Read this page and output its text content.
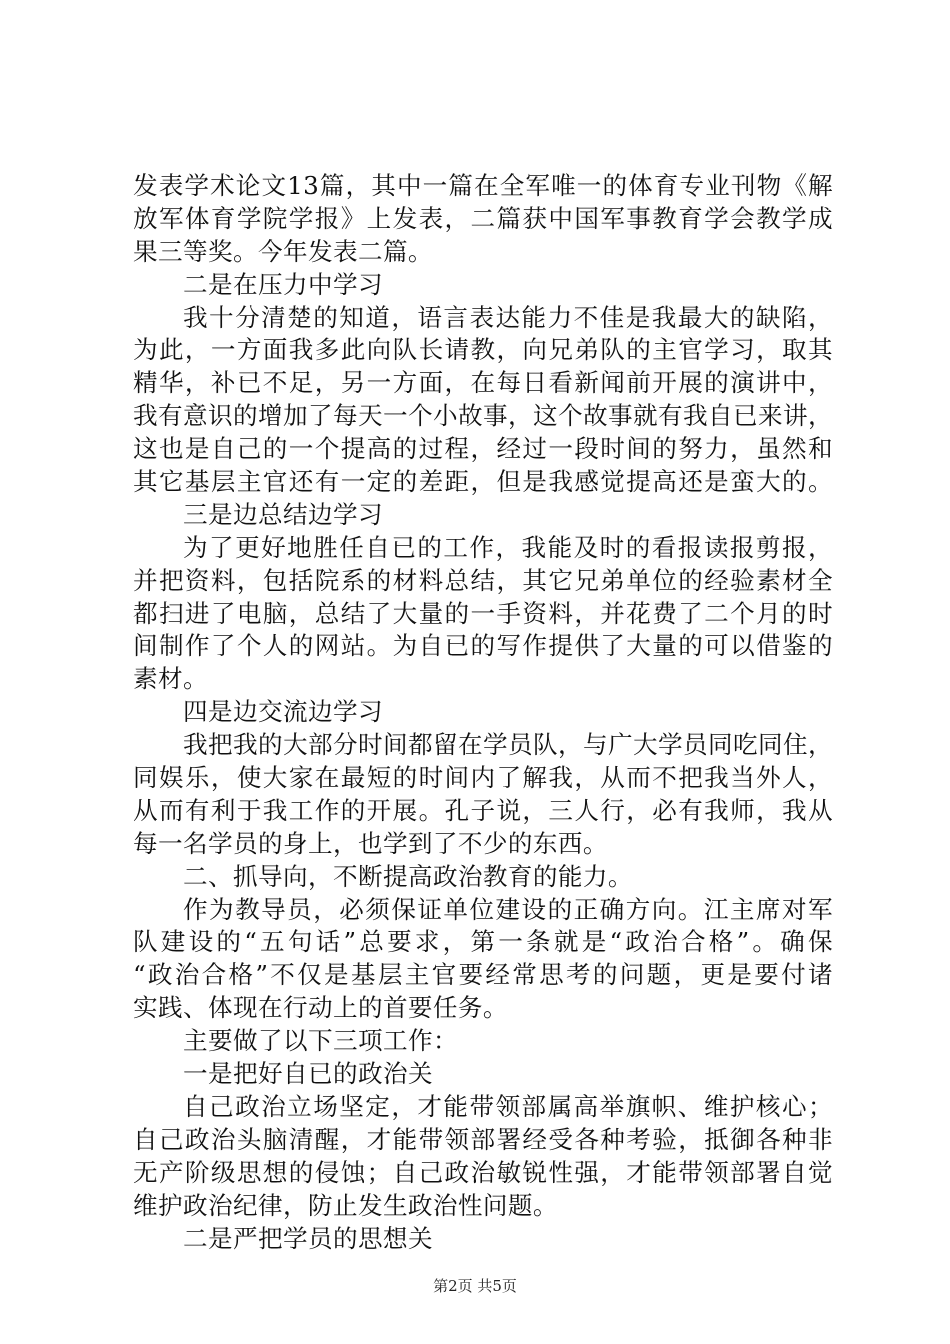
发表学术论文13篇，其中一篇在全军唯一的体育专业刊物《解
放军体育学院学报》上发表，二篇获中国军事教育学会教学成
果三等奖。今年发表二篇。
二是在压力中学习
我十分清楚的知道，语言表达能力不佳是我最大的缺陷，
为此，一方面我多此向队长请教，向兄弟队的主官学习，取其
精华，补已不足，另一方面，在每日看新闻前开展的演讲中，
我有意识的增加了每天一个小故事，这个故事就有我自已来讲，
这也是自己的一个提高的过程，经过一段时间的努力，虽然和
其它基层主官还有一定的差距，但是我感觉提高还是蛮大的。
三是边总结边学习
为了更好地胜任自已的工作，我能及时的看报读报剪报，
并把资料，包括院系的材料总结，其它兄弟单位的经验素材全
都扫进了电脑，总结了大量的一手资料，并花费了二个月的时
间制作了个人的网站。为自已的写作提供了大量的可以借鉴的
素材。
四是边交流边学习
我把我的大部分时间都留在学员队，与广大学员同吃同住，
同娱乐，使大家在最短的时间内了解我，从而不把我当外人，
从而有利于我工作的开展。孔子说，三人行，必有我师，我从
每一名学员的身上，也学到了不少的东西。
二、抓导向，不断提高政治教育的能力。
作为教导员，必须保证单位建设的正确方向。江主席对军
队建设的“五句话”总要求，第一条就是“政治合格”。确保
“政治合格”不仅是基层主官要经常思考的问题，更是要付诸
实践、体现在行动上的首要任务。
主要做了以下三项工作：
一是把好自已的政治关
自己政治立场坚定，才能带领部属高举旗帜、维护核心；
自己政治头脑清醒，才能带领部署经受各种考验，抵御各种非
无产阶级思想的侵蚀；自己政治敏锐性强，才能带领部署自觉
维护政治纪律，防止发生政治性问题。
二是严把学员的思想关
第2页 共5页
